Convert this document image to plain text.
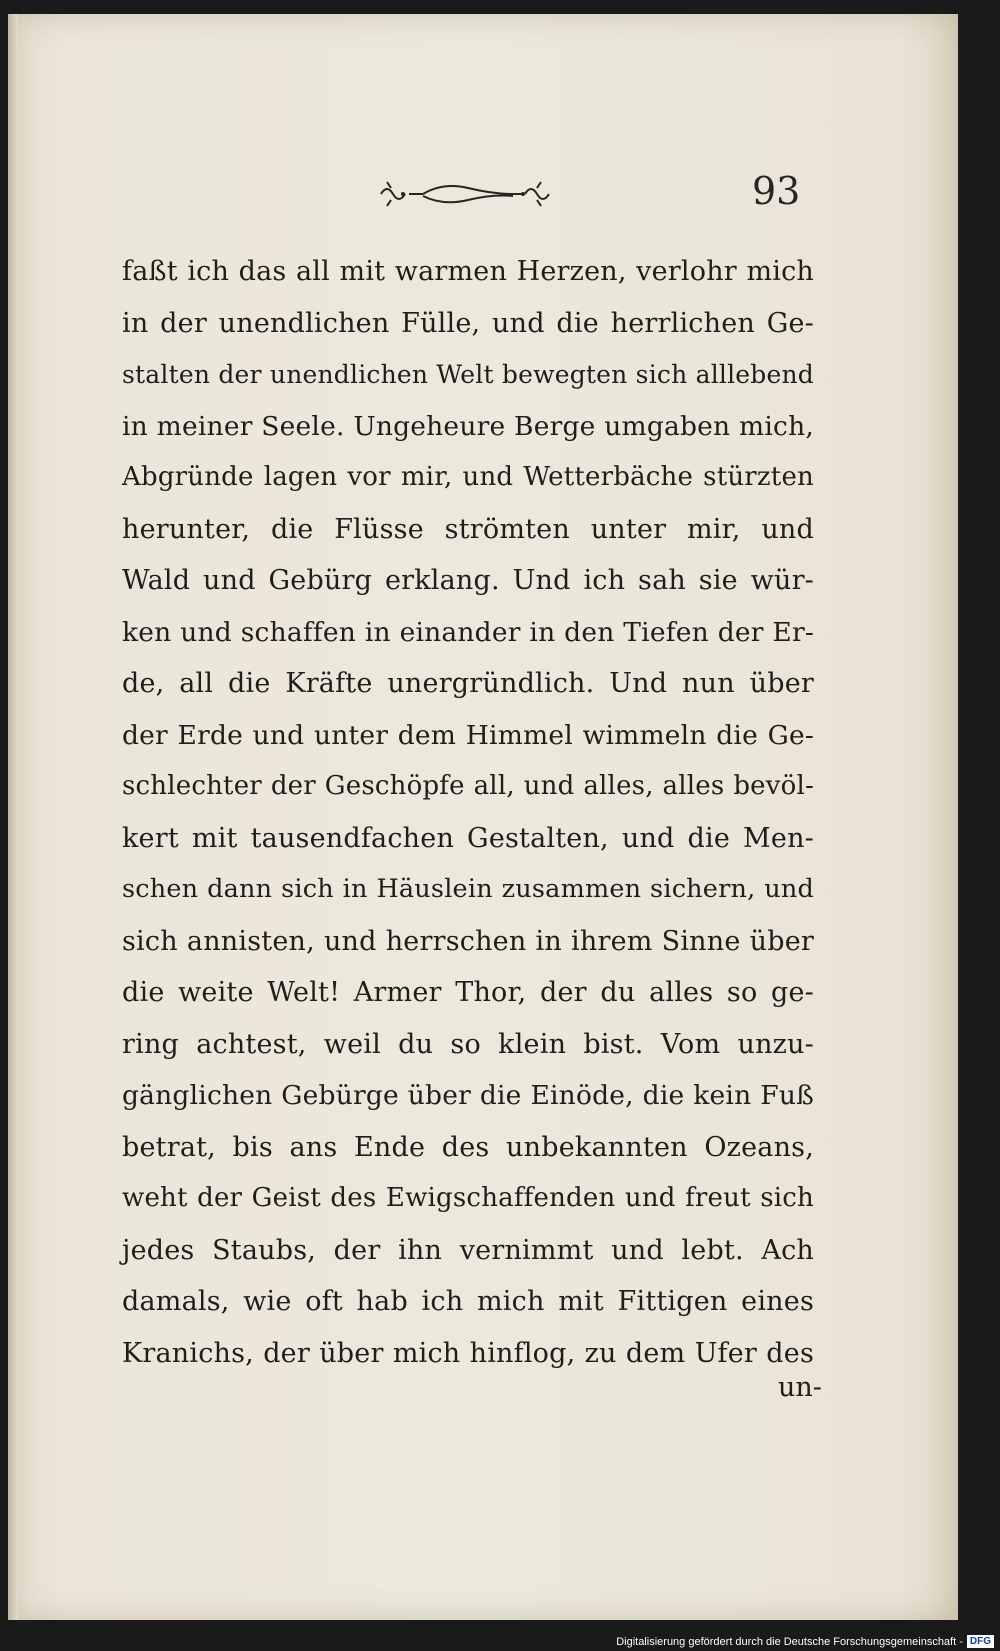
93
faßt ich das all mit warmen Herzen, verlohr mich
in der unendlichen Fülle, und die herrlichen Ge-
stalten der unendlichen Welt bewegten sich alllebend
in meiner Seele. Ungeheure Berge umgaben mich,
Abgründe lagen vor mir, und Wetterbäche stürzten
herunter, die Flüsse strömten unter mir, und
Wald und Gebürg erklang. Und ich sah sie wür-
ken und schaffen in einander in den Tiefen der Er-
de, all die Kräfte unergründlich. Und nun über
der Erde und unter dem Himmel wimmeln die Ge-
schlechter der Geschöpfe all, und alles, alles bevöl-
kert mit tausendfachen Gestalten, und die Men-
schen dann sich in Häuslein zusammen sichern, und
sich annisten, und herrschen in ihrem Sinne über
die weite Welt! Armer Thor, der du alles so ge-
ring achtest, weil du so klein bist. Vom unzu-
gänglichen Gebürge über die Einöde, die kein Fuß
betrat, bis ans Ende des unbekannten Ozeans,
weht der Geist des Ewigschaffenden und freut sich
jedes Staubs, der ihn vernimmt und lebt. Ach
damals, wie oft hab ich mich mit Fittigen eines
Kranichs, der über mich hinflog, zu dem Ufer des
un-
Digitalisierung gefördert durch die Deutsche Forschungsgemeinschaft - DFG
